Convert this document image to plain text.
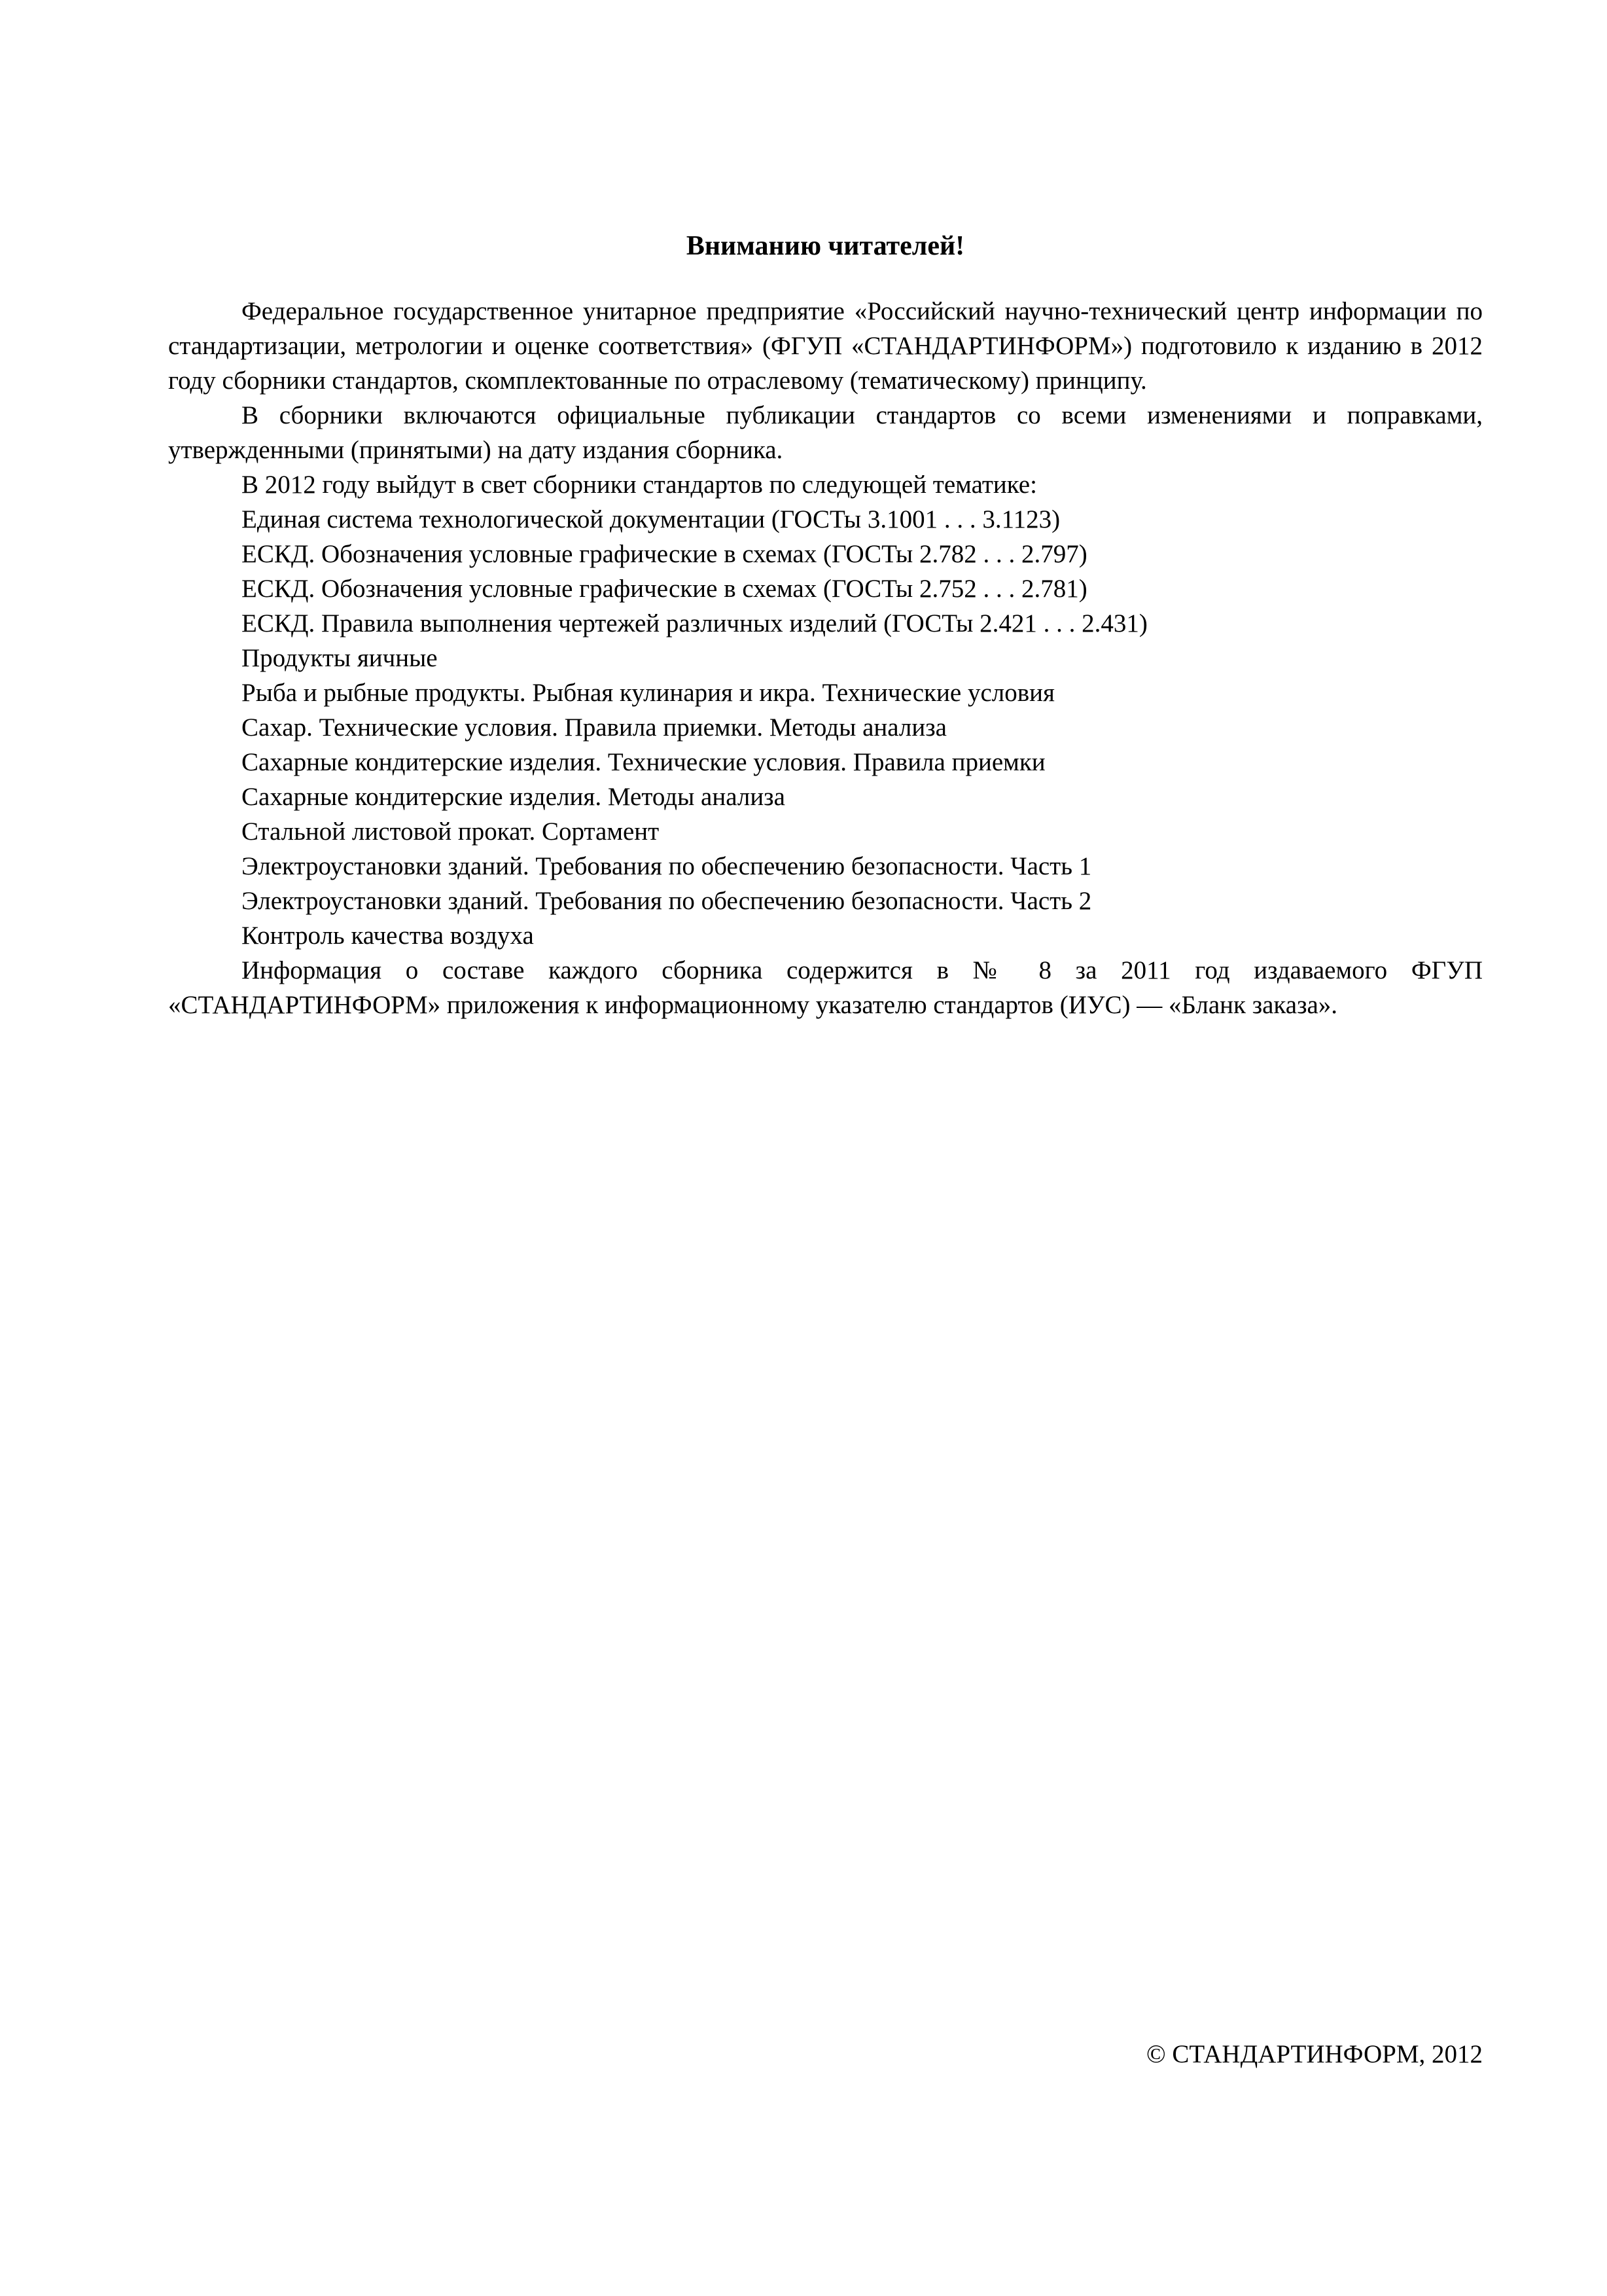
Вниманию читателей!

Федеральное государственное унитарное предприятие «Российский научно-технический центр информации по стандартизации, метрологии и оценке соответствия» (ФГУП «СТАНДАРТИНФОРМ») подготовило к изданию в 2012 году сборники стандартов, скомплектованные по отраслевому (тематическому) принципу.

В сборники включаются официальные публикации стандартов со всеми изменениями и поправками, утвержденными (принятыми) на дату издания сборника.

В 2012 году выйдут в свет сборники стандартов по следующей тематике:

Единая система технологической документации (ГОСТы 3.1001 . . . 3.1123)

ЕСКД. Обозначения условные графические в схемах (ГОСТы 2.782 . . . 2.797)

ЕСКД. Обозначения условные графические в схемах (ГОСТы 2.752 . . . 2.781)

ЕСКД. Правила выполнения чертежей различных изделий (ГОСТы 2.421 . . . 2.431)

Продукты яичные

Рыба и рыбные продукты. Рыбная кулинария и икра. Технические условия

Сахар. Технические условия. Правила приемки. Методы анализа

Сахарные кондитерские изделия. Технические условия. Правила приемки

Сахарные кондитерские изделия. Методы анализа

Стальной листовой прокат. Сортамент

Электроустановки зданий. Требования по обеспечению безопасности. Часть 1

Электроустановки зданий. Требования по обеспечению безопасности. Часть 2

Контроль качества воздуха

Информация о составе каждого сборника содержится в № 8 за 2011 год издаваемого ФГУП «СТАНДАРТИНФОРМ» приложения к информационному указателю стандартов (ИУС) — «Бланк заказа».

© СТАНДАРТИНФОРМ, 2012
